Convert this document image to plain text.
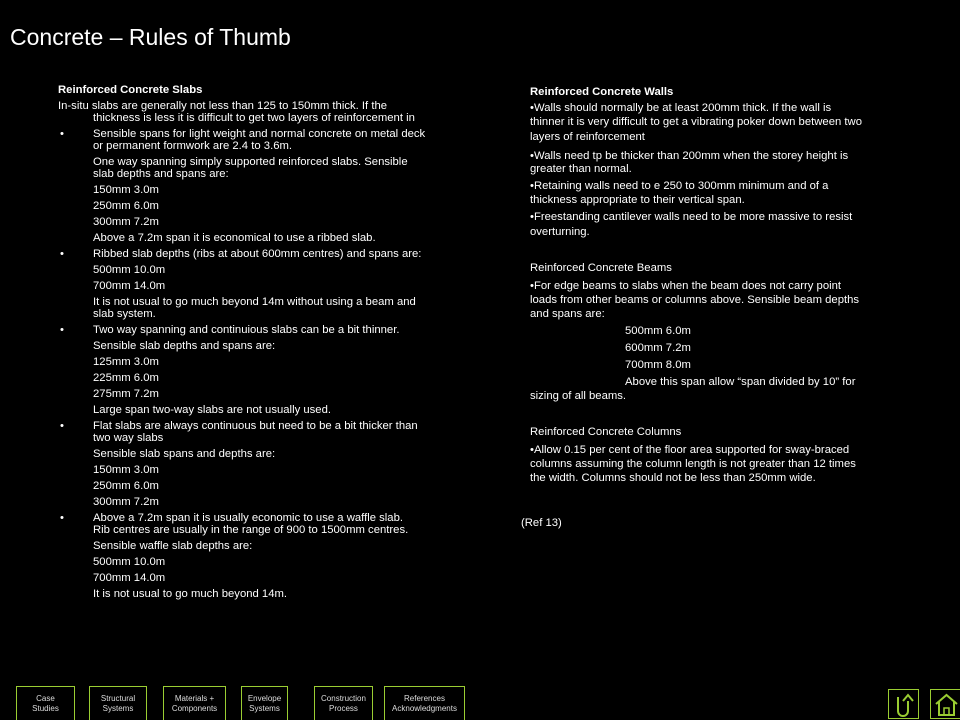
Concrete – Rules of Thumb
Reinforced Concrete Slabs
In-situ slabs are generally not less than 125 to 150mm thick. If the
thickness is less it is difficult to get two layers of reinforcement in
Sensible spans for light weight and normal concrete on metal deck
•
or permanent formwork are 2.4 to 3.6m.
One way spanning simply supported reinforced slabs. Sensible
slab depths and spans are:
150mm 3.0m
250mm 6.0m
300mm 7.2m
Above a 7.2m span it is economical to use a ribbed slab.
Ribbed slab depths (ribs at about 600mm centres) and spans are:
•
500mm 10.0m
700mm 14.0m
It is not usual to go much beyond 14m without using a beam and
slab system.
Two way spanning and continuious slabs can be a bit thinner.
•
Sensible slab depths and spans are:
125mm 3.0m
225mm 6.0m
275mm 7.2m
Large span two-way slabs are not usually used.
Flat slabs are always continuous but need to be a bit thicker than
•
two way slabs
Sensible slab spans and depths are:
150mm 3.0m
250mm 6.0m
300mm 7.2m
Above a 7.2m span it is usually economic to use a waffle slab.
•
Rib centres are usually in the range of 900 to 1500mm centres.
Sensible waffle slab depths are:
500mm 10.0m
700mm 14.0m
It is not usual to go much beyond 14m.
Reinforced Concrete Walls
•Walls should normally be at least 200mm thick. If the wall is
thinner it is very difficult to get a vibrating poker down between two
layers of reinforcement
•Walls need tp be thicker than 200mm when the storey height is
greater than normal.
•Retaining walls need to e 250 to 300mm minimum and of a
thickness appropriate to their vertical span.
•Freestanding cantilever walls need to be more massive to resist
overturning.
Reinforced Concrete Beams
•For edge beams to slabs when the beam does not carry point
loads from other beams or columns above. Sensible beam depths
and spans are:
500mm 6.0m
600mm 7.2m
700mm 8.0m
Above this span allow “span divided by 10” for
sizing of all beams.
Reinforced Concrete Columns
•Allow 0.15 per cent of the floor area supported for sway-braced
columns assuming the column length is not greater than 12 times
the width. Columns should not be less than 250mm wide.
(Ref 13)
Case
Studies
Structural
Systems
Materials +
Components
Envelope
Systems
Construction
Process
References
Acknowledgments
